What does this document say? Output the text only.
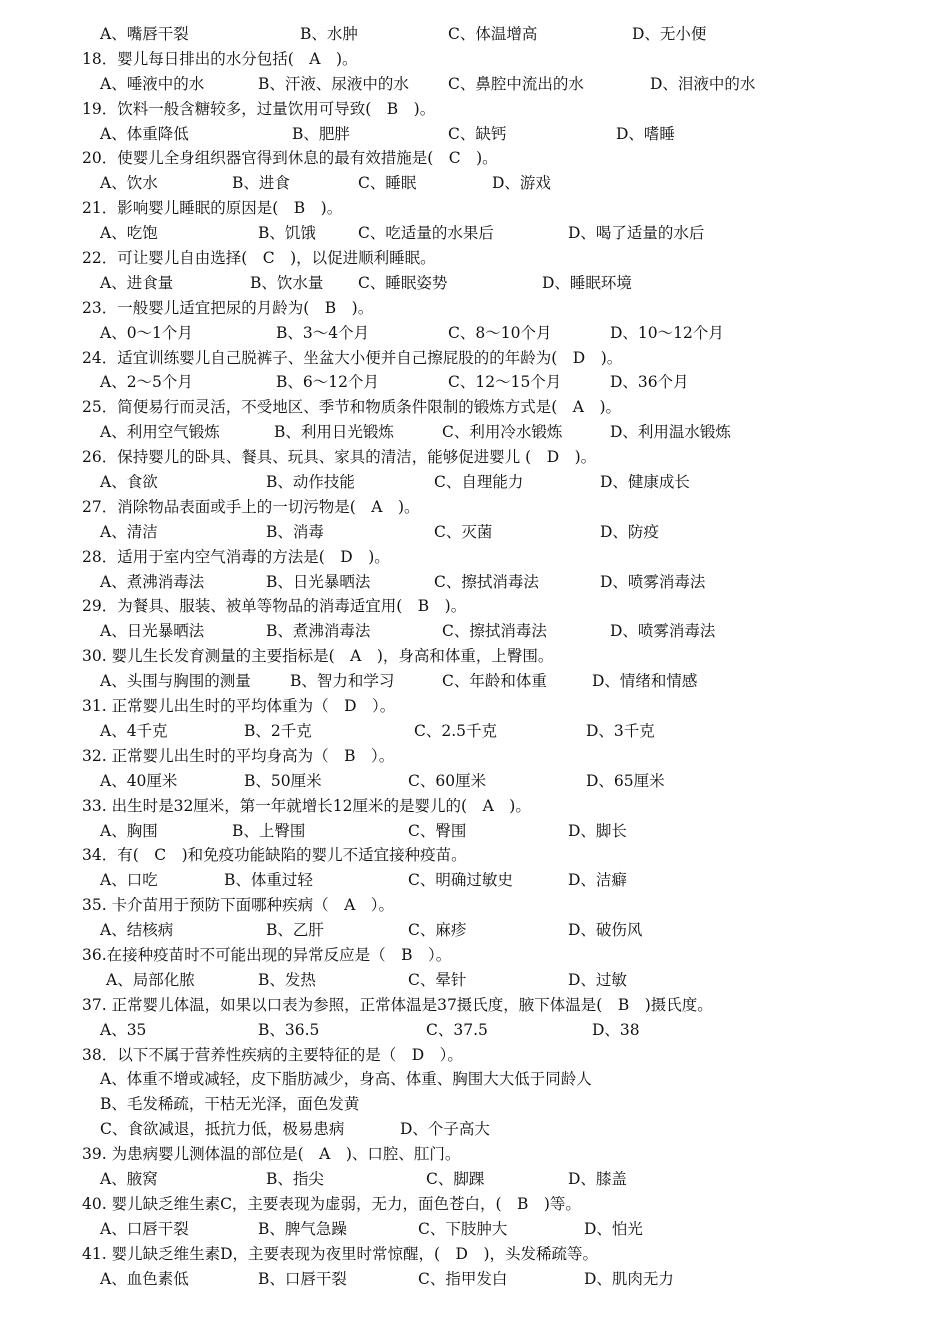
A、嘴唇干裂	B、水肿	C、体温增高	D、无小便
18．婴儿每日排出的水分包括(　A　)。
A、唾液中的水	B、汗液、尿液中的水	C、鼻腔中流出的水	D、泪液中的水
19．饮料一般含糖较多，过量饮用可导致(　B　)。
A、体重降低	B、肥胖	C、缺钙	D、嗜睡
20．使婴儿全身组织器官得到休息的最有效措施是(　C　)。
A、饮水	B、进食	C、睡眠	D、游戏
21．影响婴儿睡眠的原因是(　B　)。
A、吃饱	B、饥饿	C、吃适量的水果后	D、喝了适量的水后
22．可让婴儿自由选择(　C　)，以促进顺利睡眠。
A、进食量	B、饮水量 C、睡眠姿势	D、睡眠环境
23．一般婴儿适宜把尿的月龄为(　B　)。
A、0～1个月	B、3～4个月	C、8～10个月	D、10～12个月
24．适宜训练婴儿自己脱裤子、坐盆大小便并自己擦屁股的的年龄为(　D　)。
A、2～5个月	B、6～12个月	C、12～15个月	D、36个月
25．简便易行而灵活，不受地区、季节和物质条件限制的锻炼方式是(　A　)。
A、利用空气锻炼	B、利用日光锻炼	C、利用冷水锻炼	D、利用温水锻炼
26．保持婴儿的卧具、餐具、玩具、家具的清洁，能够促进婴儿 (　D　)。
A、食欲	B、动作技能	C、自理能力	D、健康成长
27．消除物品表面或手上的一切污物是(　A　)。
A、清洁	B、消毒	C、灭菌	D、防疫
28．适用于室内空气消毒的方法是(　D　)。
A、煮沸消毒法	B、日光暴晒法	C、擦拭消毒法	D、喷雾消毒法
29．为餐具、服装、被单等物品的消毒适宜用(　B　)。
A、日光暴晒法	B、煮沸消毒法	C、擦拭消毒法	D、喷雾消毒法
30. 婴儿生长发育测量的主要指标是(　A　)，身高和体重，上臀围。
A、头围与胸围的测量	B、智力和学习	C、年龄和体重	D、情绪和情感
31. 正常婴儿出生时的平均体重为（　D　）。
A、4千克	B、2千克	C、2.5千克	D、3千克
32. 正常婴儿出生时的平均身高为（　B　）。
A、40厘米	B、50厘米	C、60厘米	D、65厘米
33. 出生时是32厘米，第一年就增长12厘米的是婴儿的(　A　)。
A、胸围	B、上臀围	C、臀围	D、脚长
34．有(　C　)和免疫功能缺陷的婴儿不适宜接种疫苗。
A、口吃	B、体重过轻	C、明确过敏史	D、洁癖
35. 卡介苗用于预防下面哪种疾病（　A　）。
A、结核病	B、乙肝	C、麻疹	D、破伤风
36.在接种疫苗时不可能出现的异常反应是（　B　）。
A、局部化脓	B、发热	C、晕针	D、过敏
37. 正常婴儿体温，如果以口表为参照，正常体温是37摄氏度，腋下体温是(　B　)摄氏度。
A、35	B、36.5	C、37.5	D、38
38．以下不属于营养性疾病的主要特征的是（　D　）。
A、体重不增或减轻，皮下脂肪减少，身高、体重、胸围大大低于同龄人
B、毛发稀疏，干枯无光泽，面色发黄
C、食欲减退，抵抗力低，极易患病	D、个子高大
39. 为患病婴儿测体温的部位是(　A　)、口腔、肛门。
A、腋窝	B、指尖	C、脚踝	D、膝盖
40. 婴儿缺乏维生素C，主要表现为虚弱，无力，面色苍白，(　B　)等。
A、口唇干裂	B、脾气急躁	C、下肢肿大	D、怕光
41. 婴儿缺乏维生素D，主要表现为夜里时常惊醒，(　D　)，头发稀疏等。
A、血色素低	B、口唇干裂	C、指甲发白	D、肌肉无力
